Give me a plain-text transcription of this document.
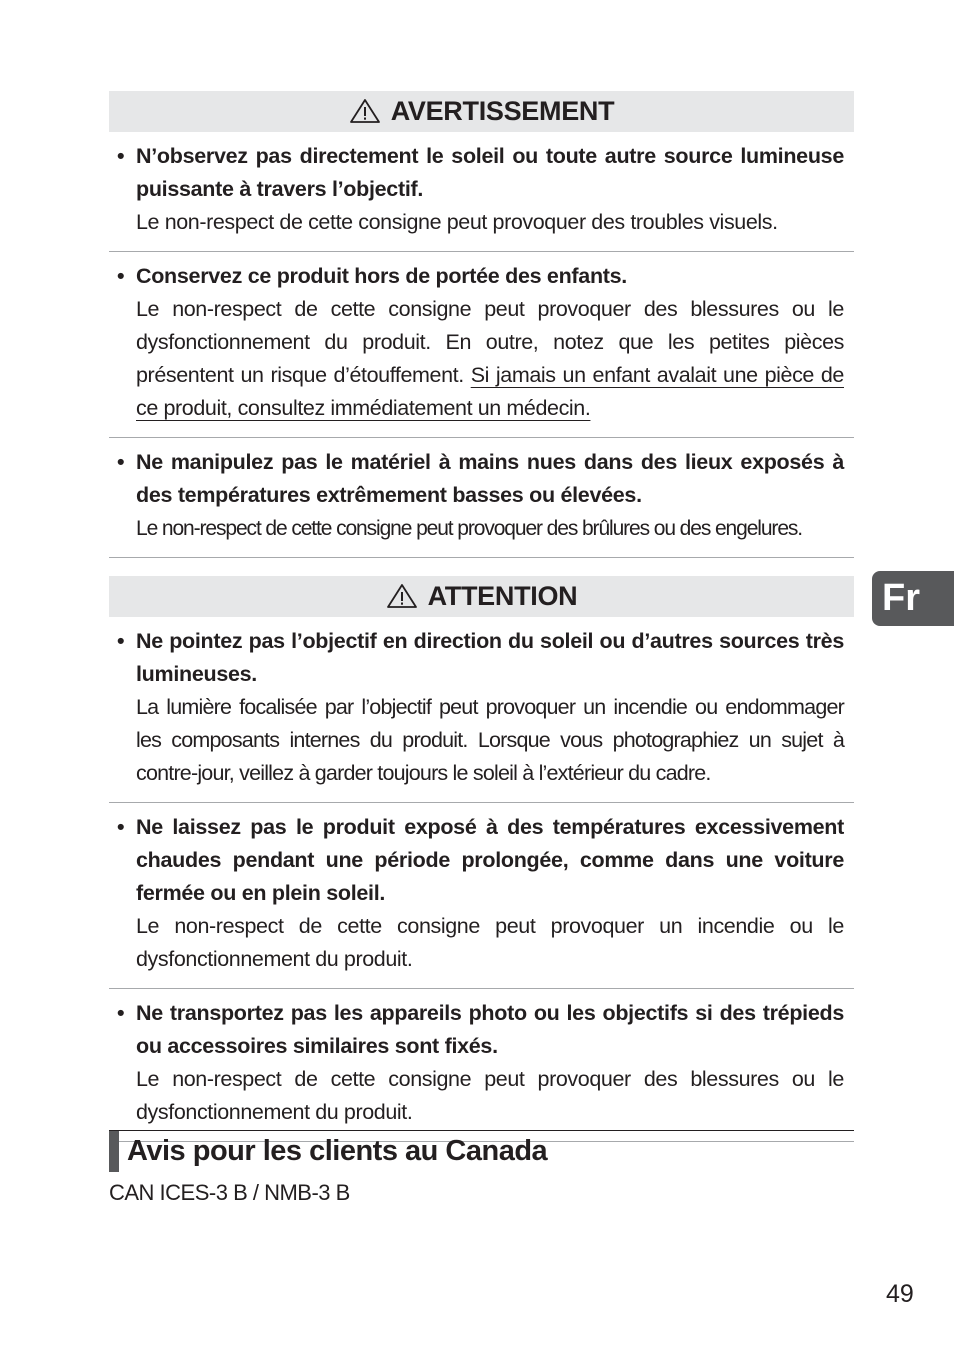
AVERTISSEMENT
• N’observez pas directement le soleil ou toute autre source lumineuse puissante à travers l’objectif.
Le non-respect de cette consigne peut provoquer des troubles visuels.
• Conservez ce produit hors de portée des enfants.
Le non-respect de cette consigne peut provoquer des blessures ou le dysfonctionnement du produit. En outre, notez que les petites pièces présentent un risque d’étouffement. Si jamais un enfant avalait une pièce de ce produit, consultez immédiatement un médecin.
• Ne manipulez pas le matériel à mains nues dans des lieux exposés à des températures extrêmement basses ou élevées.
Le non-respect de cette consigne peut provoquer des brûlures ou des engelures.
ATTENTION
• Ne pointez pas l’objectif en direction du soleil ou d’autres sources très lumineuses.
La lumière focalisée par l’objectif peut provoquer un incendie ou endommager les composants internes du produit. Lorsque vous photographiez un sujet à contre-jour, veillez à garder toujours le soleil à l’extérieur du cadre.
• Ne laissez pas le produit exposé à des températures excessivement chaudes pendant une période prolongée, comme dans une voiture fermée ou en plein soleil.
Le non-respect de cette consigne peut provoquer un incendie ou le dysfonctionnement du produit.
• Ne transportez pas les appareils photo ou les objectifs si des trépieds ou accessoires similaires sont fixés.
Le non-respect de cette consigne peut provoquer des blessures ou le dysfonctionnement du produit.
Avis pour les clients au Canada
CAN ICES-3 B / NMB-3 B
Fr
49
